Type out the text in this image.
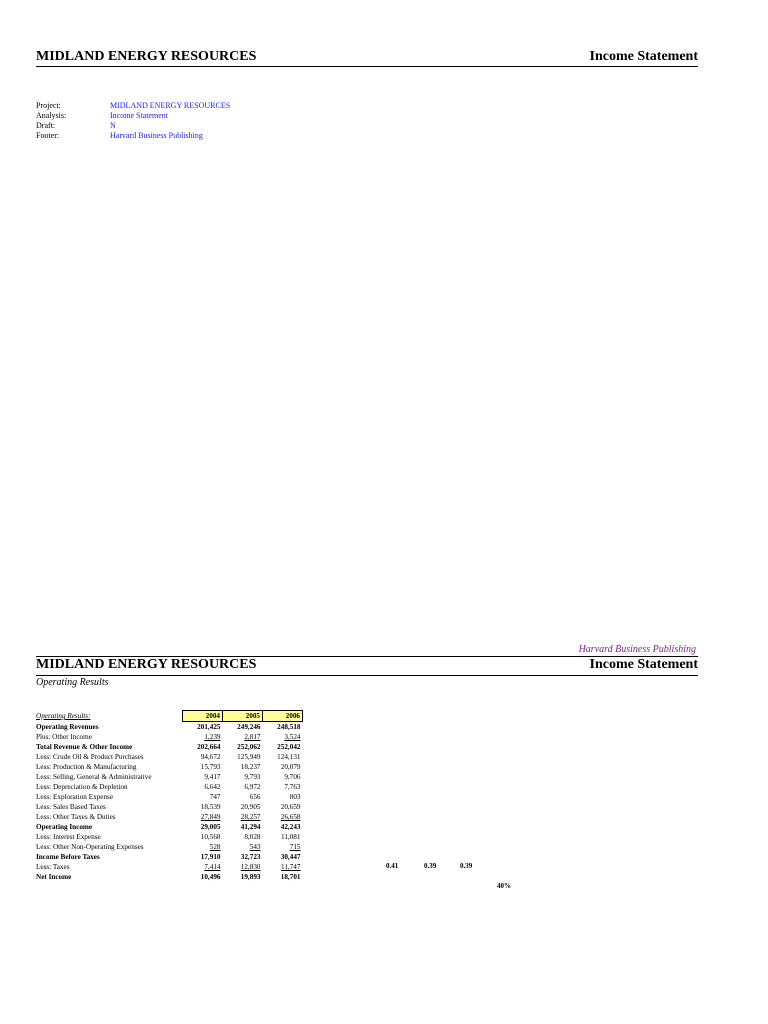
MIDLAND ENERGY RESOURCES	Income Statement
Project:	MIDLAND ENERGY RESOURCES
Analysis:	Income Statement
Draft:	N
Footer:	Harvard Business Publishing
Harvard Business Publishing
MIDLAND ENERGY RESOURCES	Income Statement
Operating Results
Operating Results:	2004	2005	2006
Operating Revenues	201,425	249,246	248,518
Plus: Other Income	1,239	2,817	3,524
Total Revenue & Other Income	202,664	252,062	252,042
Less: Crude Oil & Product Purchases	94,672	125,949	124,131
Less: Production & Manufacturing	15,793	18,237	20,079
Less: Selling, General & Administrative	9,417	9,793	9,706
Less: Depreciation & Depletion	6,642	6,972	7,763
Less: Exploration Expense	747	656	803
Less: Sales Based Taxes	18,539	20,905	20,659
Less: Other Taxes & Duties	27,849	28,257	26,658
Operating Income	29,005	41,294	42,243
Less: Interest Expense	10,568	8,028	11,081
Less: Other Non-Operating Expenses	528	543	715
Income Before Taxes	17,910	32,723	30,447
Less: Taxes	7,414	12,830	11,747
Net Income	10,496	19,893	18,701
0.41	0.39	0.39
40%
